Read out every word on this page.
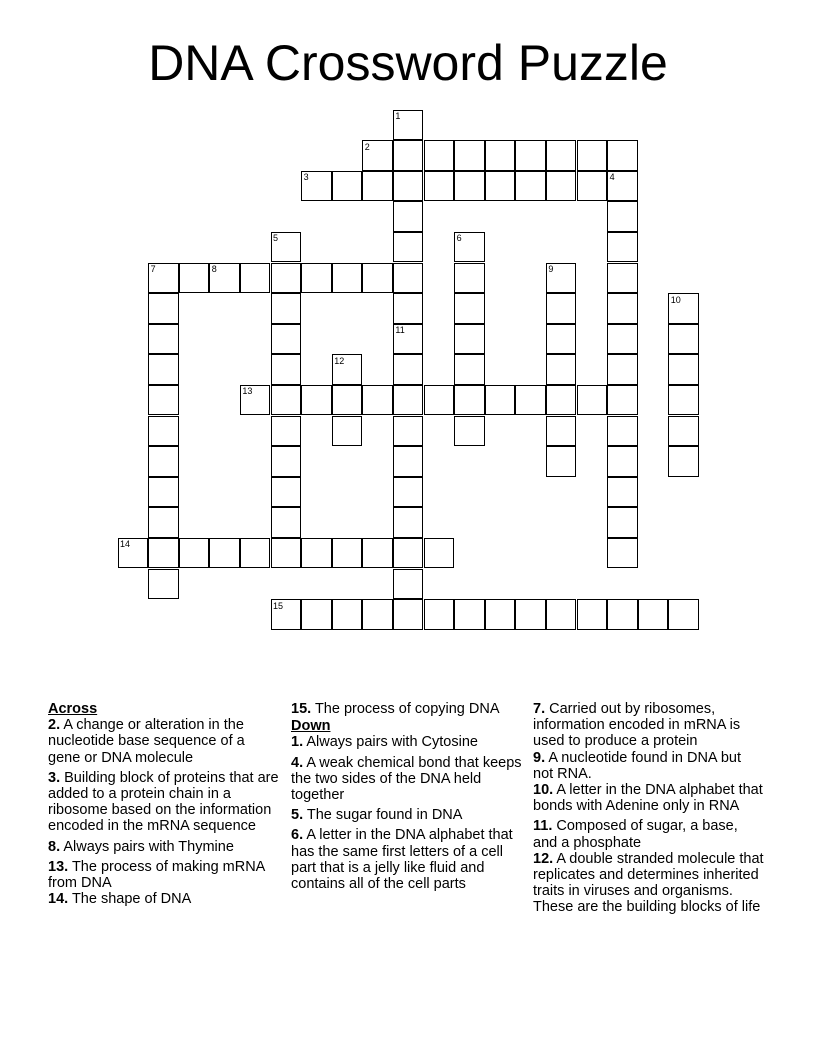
DNA Crossword Puzzle
1
2
3	4
5	6
7	8	9
10
11
12
13
14
15
Across
2. A change or alteration in the nucleotide base sequence of a gene or DNA molecule
3. Building block of proteins that are added to a protein chain in a ribosome based on the information encoded in the mRNA sequence
8. Always pairs with Thymine
13. The process of making mRNA from DNA
14. The shape of DNA
15. The process of copying DNA
Down
1. Always pairs with Cytosine
4. A weak chemical bond that keeps the two sides of the DNA held together
5. The sugar found in DNA
6. A letter in the DNA alphabet that has the same first letters of a cell part that is a jelly like fluid and contains all of the cell parts
7. Carried out by ribosomes, information encoded in mRNA is used to produce a protein
9. A nucleotide found in DNA but not RNA.
10. A letter in the DNA alphabet that bonds with Adenine only in RNA
11. Composed of sugar, a base, and a phosphate
12. A double stranded molecule that replicates and determines inherited traits in viruses and organisms. These are the building blocks of life
